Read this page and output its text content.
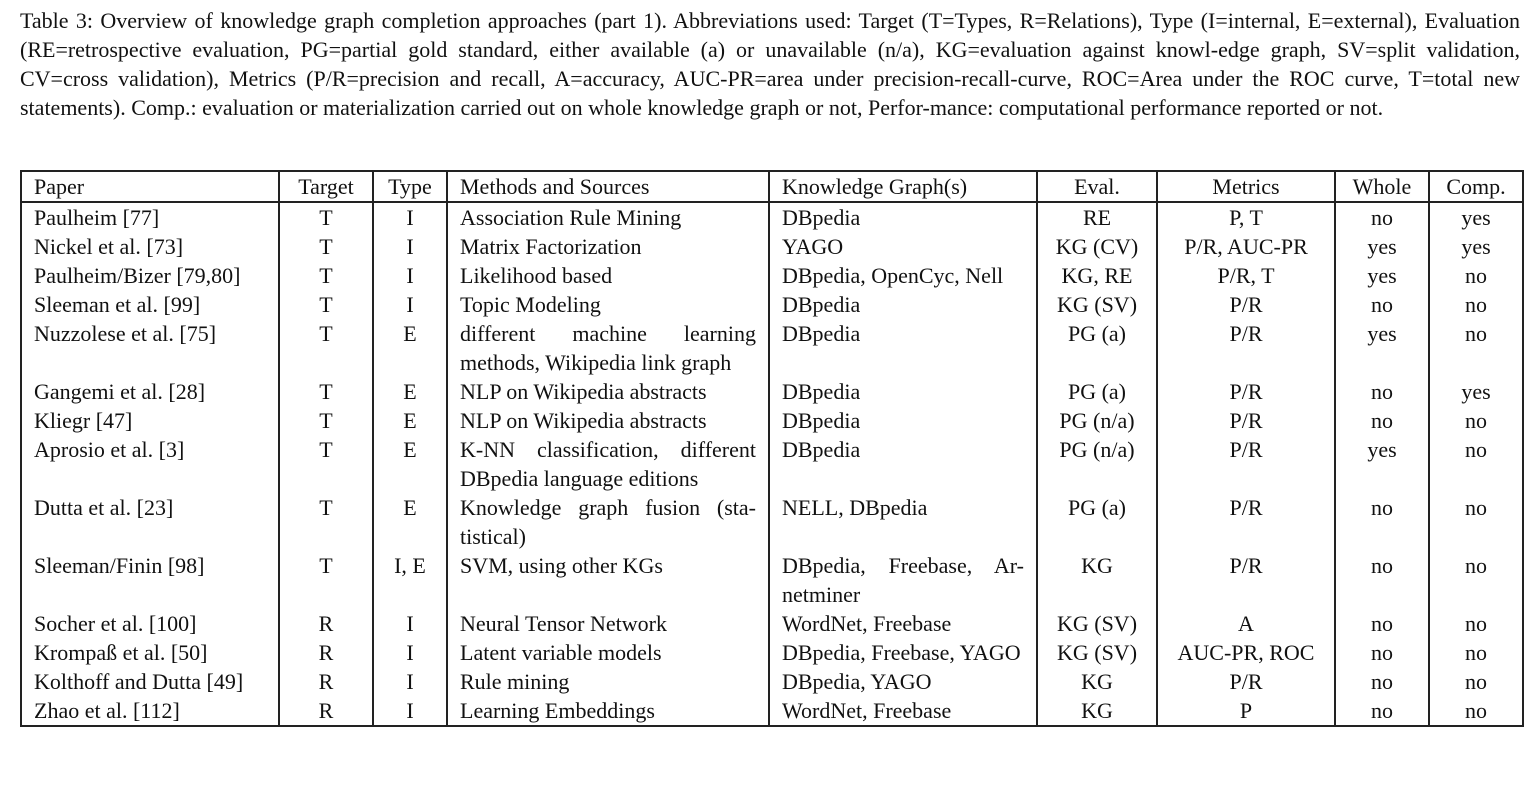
Table 3: Overview of knowledge graph completion approaches (part 1). Abbreviations used: Target (T=Types, R=Relations), Type (I=internal, E=external), Evaluation (RE=retrospective evaluation, PG=partial gold standard, either available (a) or unavailable (n/a), KG=evaluation against knowl-edge graph, SV=split validation, CV=cross validation), Metrics (P/R=precision and recall, A=accuracy, AUC-PR=area under precision-recall-curve, ROC=Area under the ROC curve, T=total new statements). Comp.: evaluation or materialization carried out on whole knowledge graph or not, Perfor-mance: computational performance reported or not.
Paper	Target	Type	Methods and Sources	Knowledge Graph(s)	Eval.	Metrics	Whole	Comp.
Paulheim [77]	T	I	Association Rule Mining	DBpedia	RE	P, T	no	yes
Nickel et al. [73]	T	I	Matrix Factorization	YAGO	KG (CV)	P/R, AUC-PR	yes	yes
Paulheim/Bizer [79,80]	T	I	Likelihood based	DBpedia, OpenCyc, Nell	KG, RE	P/R, T	yes	no
Sleeman et al. [99]	T	I	Topic Modeling	DBpedia	KG (SV)	P/R	no	no
Nuzzolese et al. [75]	T	E	different machine learning methods, Wikipedia link graph	DBpedia	PG (a)	P/R	yes	no
Gangemi et al. [28]	T	E	NLP on Wikipedia abstracts	DBpedia	PG (a)	P/R	no	yes
Kliegr [47]	T	E	NLP on Wikipedia abstracts	DBpedia	PG (n/a)	P/R	no	no
Aprosio et al. [3]	T	E	K-NN classification, different DBpedia language editions	DBpedia	PG (n/a)	P/R	yes	no
Dutta et al. [23]	T	E	Knowledge graph fusion (sta-tistical)	NELL, DBpedia	PG (a)	P/R	no	no
Sleeman/Finin [98]	T	I, E	SVM, using other KGs	DBpedia, Freebase, Ar-netminer	KG	P/R	no	no
Socher et al. [100]	R	I	Neural Tensor Network	WordNet, Freebase	KG (SV)	A	no	no
Krompaß et al. [50]	R	I	Latent variable models	DBpedia, Freebase, YAGO	KG (SV)	AUC-PR, ROC	no	no
Kolthoff and Dutta [49]	R	I	Rule mining	DBpedia, YAGO	KG	P/R	no	no
Zhao et al. [112]	R	I	Learning Embeddings	WordNet, Freebase	KG	P	no	no
